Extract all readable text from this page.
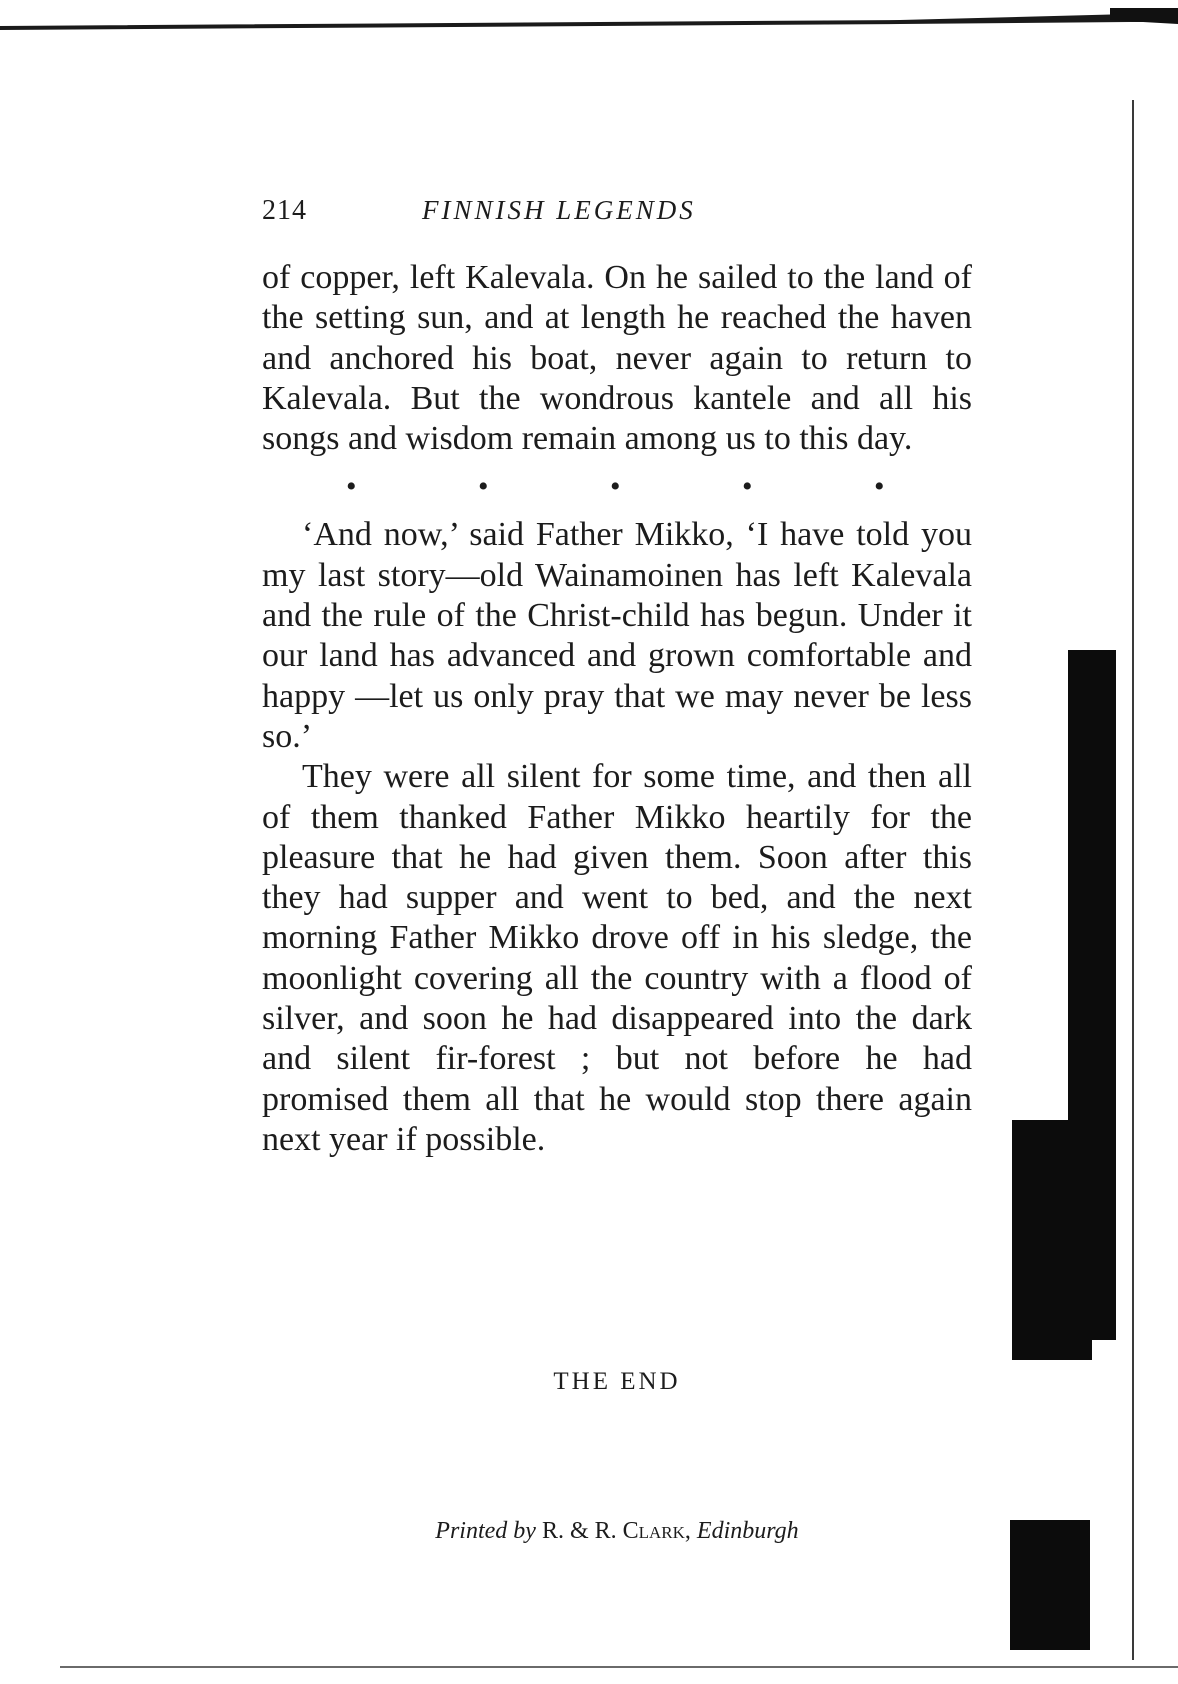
214	FINNISH LEGENDS

of copper, left Kalevala. On he sailed to the land of the setting sun, and at length he reached the haven and anchored his boat, never again to return to Kalevala. But the wondrous kantele and all his songs and wisdom remain among us to this day.

•	•	•	•	•

‘And now,’ said Father Mikko, ‘I have told you my last story—old Wainamoinen has left Kalevala and the rule of the Christ-child has begun. Under it our land has advanced and grown comfortable and happy —let us only pray that we may never be less so.’

They were all silent for some time, and then all of them thanked Father Mikko heartily for the pleasure that he had given them. Soon after this they had supper and went to bed, and the next morning Father Mikko drove off in his sledge, the moonlight covering all the country with a flood of silver, and soon he had disappeared into the dark and silent fir-forest ; but not before he had promised them all that he would stop there again next year if possible.

THE END
Printed by R. & R. Clark, Edinburgh
